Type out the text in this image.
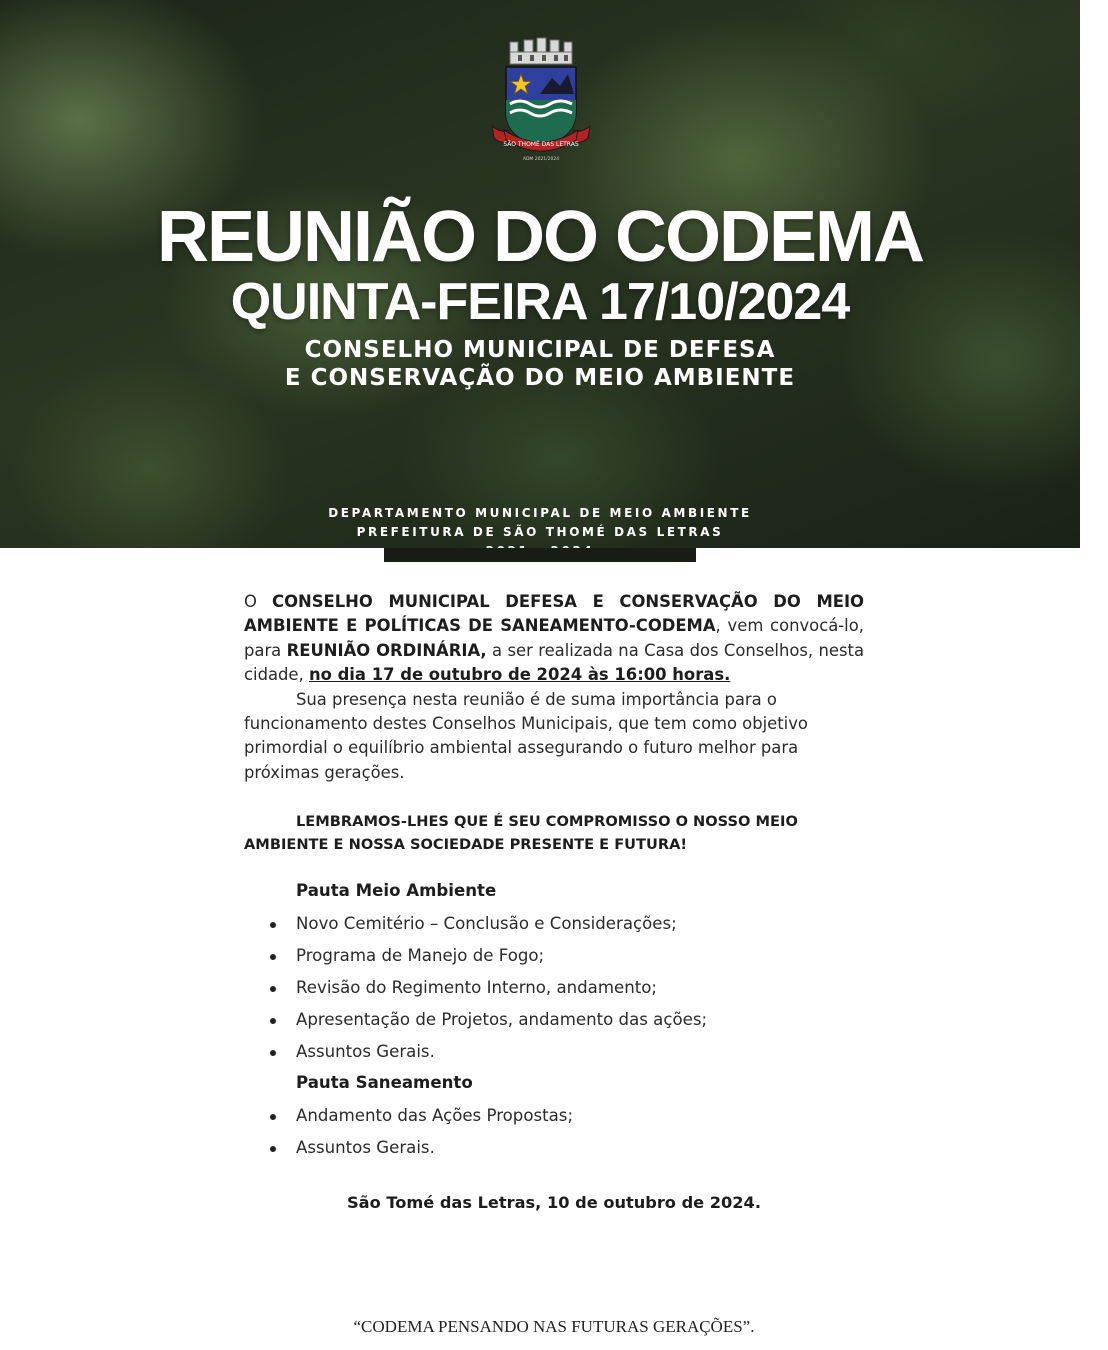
SÃO THOMÉ DAS LETRAS
ADM 2021/2024
REUNIÃO DO CODEMA
QUINTA-FEIRA 17/10/2024
CONSELHO MUNICIPAL DE DEFESA
E CONSERVAÇÃO DO MEIO AMBIENTE
DEPARTAMENTO MUNICIPAL DE MEIO AMBIENTE
PREFEITURA DE SÃO THOMÉ DAS LETRAS

O CONSELHO MUNICIPAL DEFESA E CONSERVAÇÃO DO MEIO AMBIENTE E POLÍTICAS DE SANEAMENTO-CODEMA, vem convocá-lo, para REUNIÃO ORDINÁRIA, a ser realizada na Casa dos Conselhos, nesta cidade, no dia 17 de outubro de 2024 às 16:00 horas.

Sua presença nesta reunião é de suma importância para o funcionamento destes Conselhos Municipais, que tem como objetivo primordial o equilíbrio ambiental assegurando o futuro melhor para próximas gerações.

LEMBRAMOS-LHES QUE É SEU COMPROMISSO O NOSSO MEIO AMBIENTE E NOSSA SOCIEDADE PRESENTE E FUTURA!
Pauta Meio Ambiente
Novo Cemitério – Conclusão e Considerações;
Programa de Manejo de Fogo;
Revisão do Regimento Interno, andamento;
Apresentação de Projetos, andamento das ações;
Assuntos Gerais.
Pauta Saneamento
Andamento das Ações Propostas;
Assuntos Gerais.
São Tomé das Letras, 10 de outubro de 2024.
“CODEMA PENSANDO NAS FUTURAS GERAÇÕES”.
